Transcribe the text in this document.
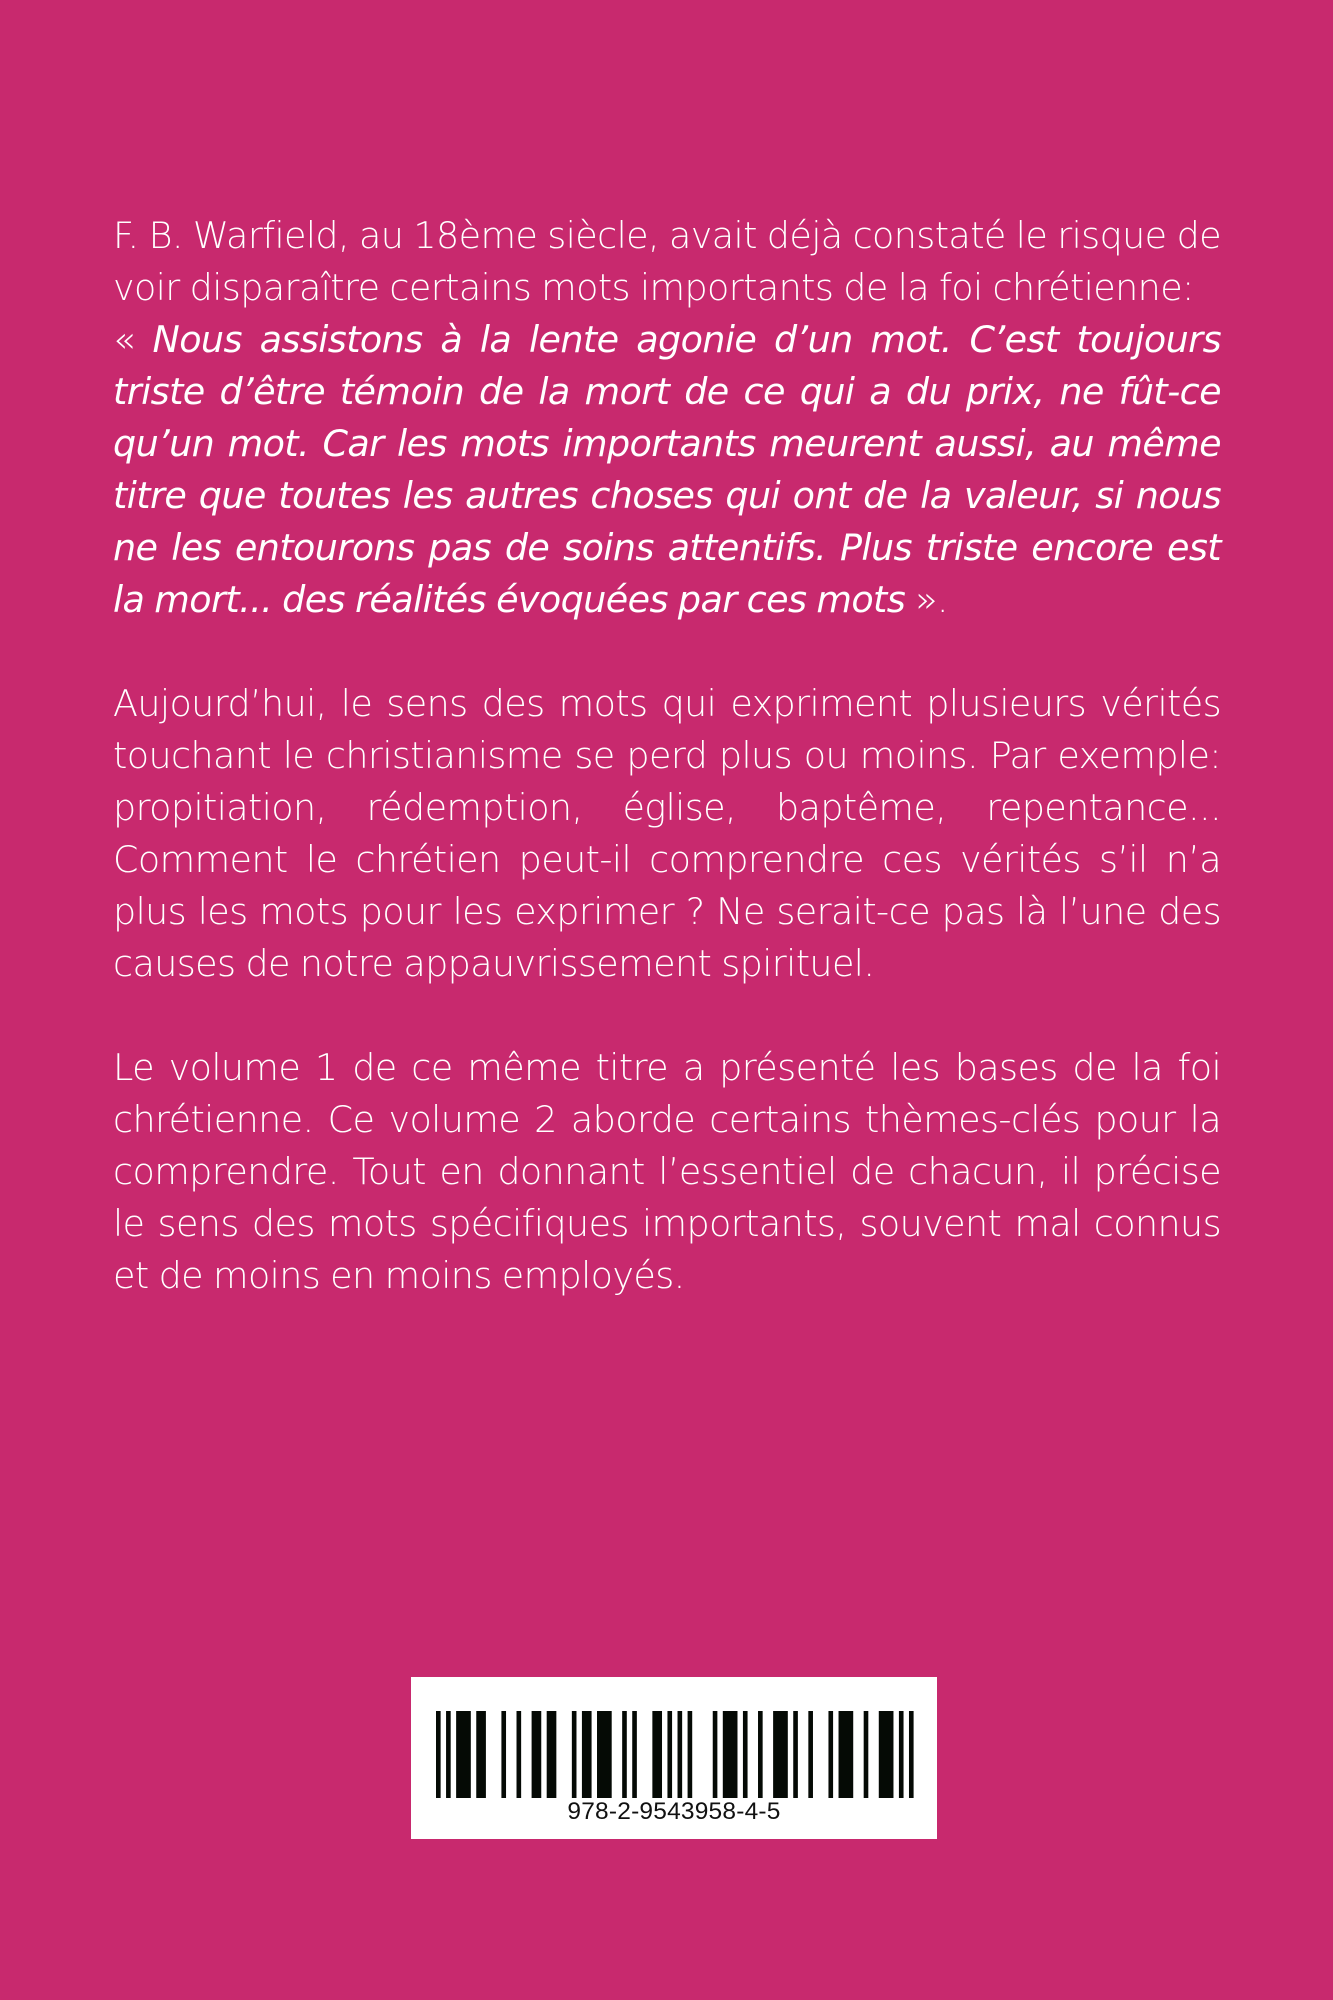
F. B. Warfield, au 18ème siècle, avait déjà constaté le risque de voir disparaître certains mots importants de la foi chrétienne:
« Nous assistons à la lente agonie d’un mot. C’est toujours triste d’être témoin de la mort de ce qui a du prix, ne fût-ce qu’un mot. Car les mots importants meurent aussi, au même titre que toutes les autres choses qui ont de la valeur, si nous ne les entourons pas de soins attentifs. Plus triste encore est la mort... des réalités évoquées par ces mots ».

Aujourd’hui, le sens des mots qui expriment plusieurs vérités touchant le christianisme se perd plus ou moins. Par exemple: propitiation, rédemption, église, baptême, repentance... Comment le chrétien peut-il comprendre ces vérités s’il n’a plus les mots pour les exprimer ? Ne serait-ce pas là l’une des causes de notre appauvrissement spirituel.

Le volume 1 de ce même titre a présenté les bases de la foi chrétienne. Ce volume 2 aborde certains thèmes-clés pour la comprendre. Tout en donnant l’essentiel de chacun, il précise le sens des mots spécifiques importants, souvent mal connus et de moins en moins employés.

978-2-9543958-4-5
